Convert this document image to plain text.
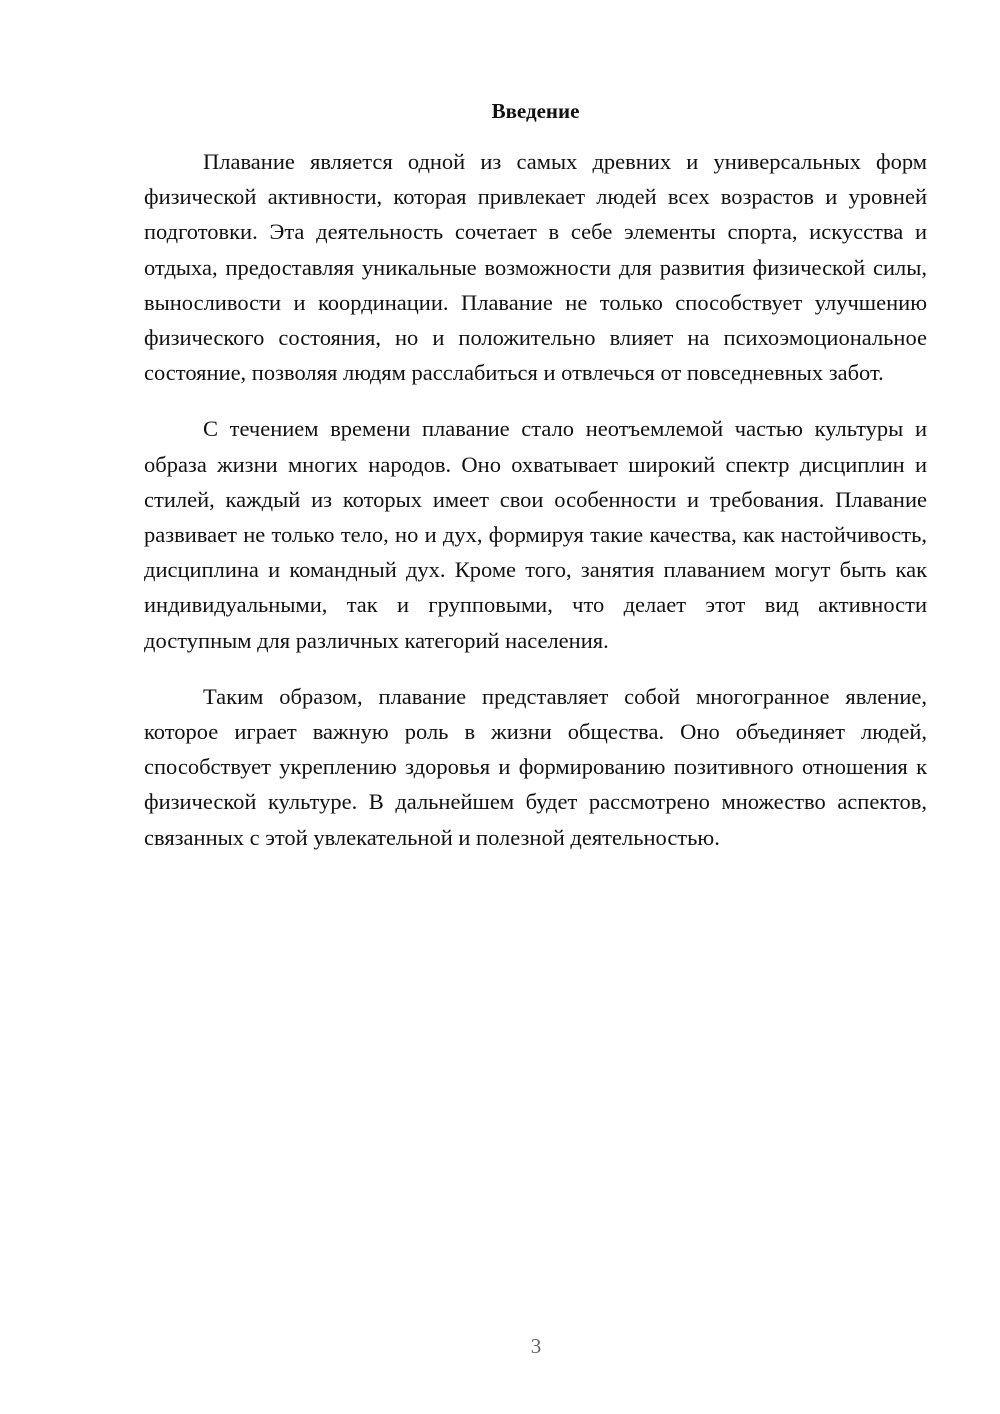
Введение

Плавание является одной из самых древних и универсальных форм физической активности, которая привлекает людей всех возрастов и уровней подготовки. Эта деятельность сочетает в себе элементы спорта, искусства и отдыха, предоставляя уникальные возможности для развития физической силы, выносливости и координации. Плавание не только способствует улучшению физического состояния, но и положительно влияет на психоэмоциональное состояние, позволяя людям расслабиться и отвлечься от повседневных забот.

С течением времени плавание стало неотъемлемой частью культуры и образа жизни многих народов. Оно охватывает широкий спектр дисциплин и стилей, каждый из которых имеет свои особенности и требования. Плавание развивает не только тело, но и дух, формируя такие качества, как настойчивость, дисциплина и командный дух. Кроме того, занятия плаванием могут быть как индивидуальными, так и групповыми, что делает этот вид активности доступным для различных категорий населения.

Таким образом, плавание представляет собой многогранное явление, которое играет важную роль в жизни общества. Оно объединяет людей, способствует укреплению здоровья и формированию позитивного отношения к физической культуре. В дальнейшем будет рассмотрено множество аспектов, связанных с этой увлекательной и полезной деятельностью.

3
